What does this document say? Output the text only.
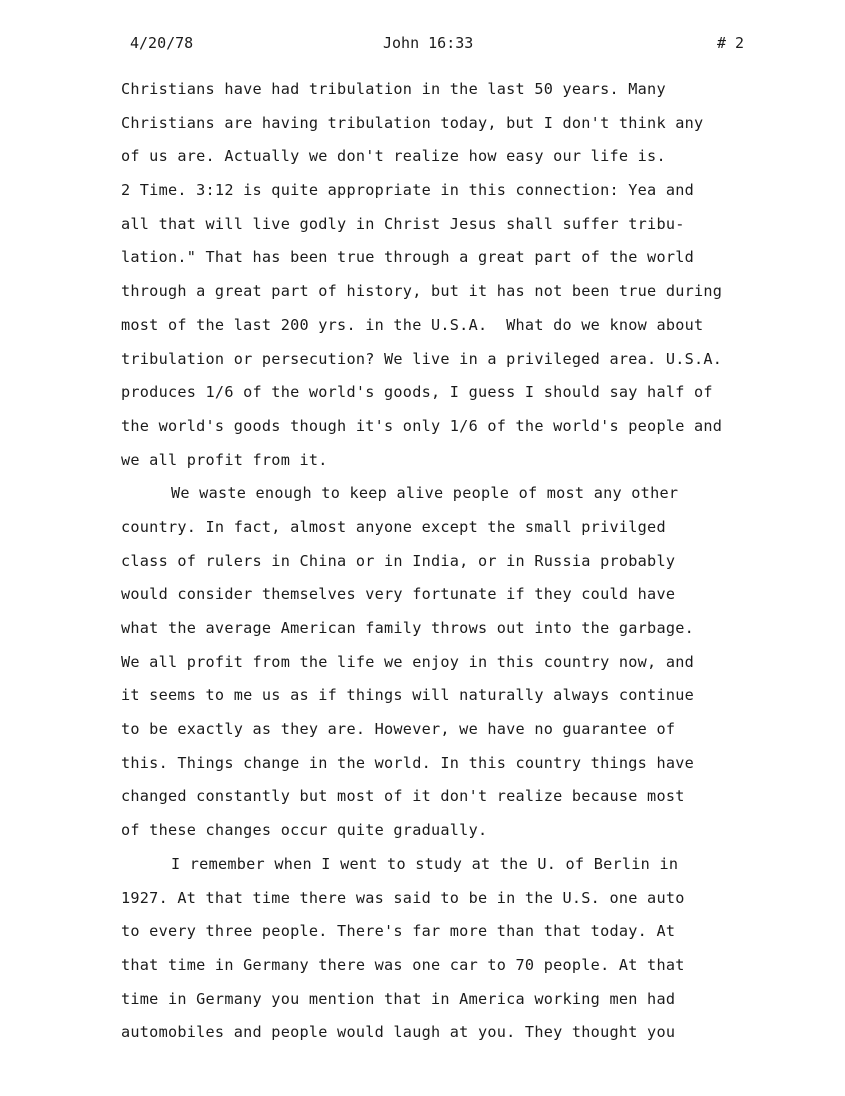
4/20/78	John 16:33	# 2
Christians have had tribulation in the last 50 years. Many
Christians are having tribulation today, but I don't think any
of us are. Actually we don't realize how easy our life is.
2 Time. 3:12 is quite appropriate in this connection: Yea and
all that will live godly in Christ Jesus shall suffer tribu-
lation." That has been true through a great part of the world
through a great part of history, but it has not been true during
most of the last 200 yrs. in the U.S.A.  What do we know about
tribulation or persecution? We live in a privileged area. U.S.A.
produces 1/6 of the world's goods, I guess I should say half of
the world's goods though it's only 1/6 of the world's people and
we all profit from it.
We waste enough to keep alive people of most any other
country. In fact, almost anyone except the small privilged
class of rulers in China or in India, or in Russia probably
would consider themselves very fortunate if they could have
what the average American family throws out into the garbage.
We all profit from the life we enjoy in this country now, and
it seems to me us as if things will naturally always continue
to be exactly as they are. However, we have no guarantee of
this. Things change in the world. In this country things have
changed constantly but most of it don't realize because most
of these changes occur quite gradually.
I remember when I went to study at the U. of Berlin in
1927. At that time there was said to be in the U.S. one auto
to every three people. There's far more than that today. At
that time in Germany there was one car to 70 people. At that
time in Germany you mention that in America working men had
automobiles and people would laugh at you. They thought you
